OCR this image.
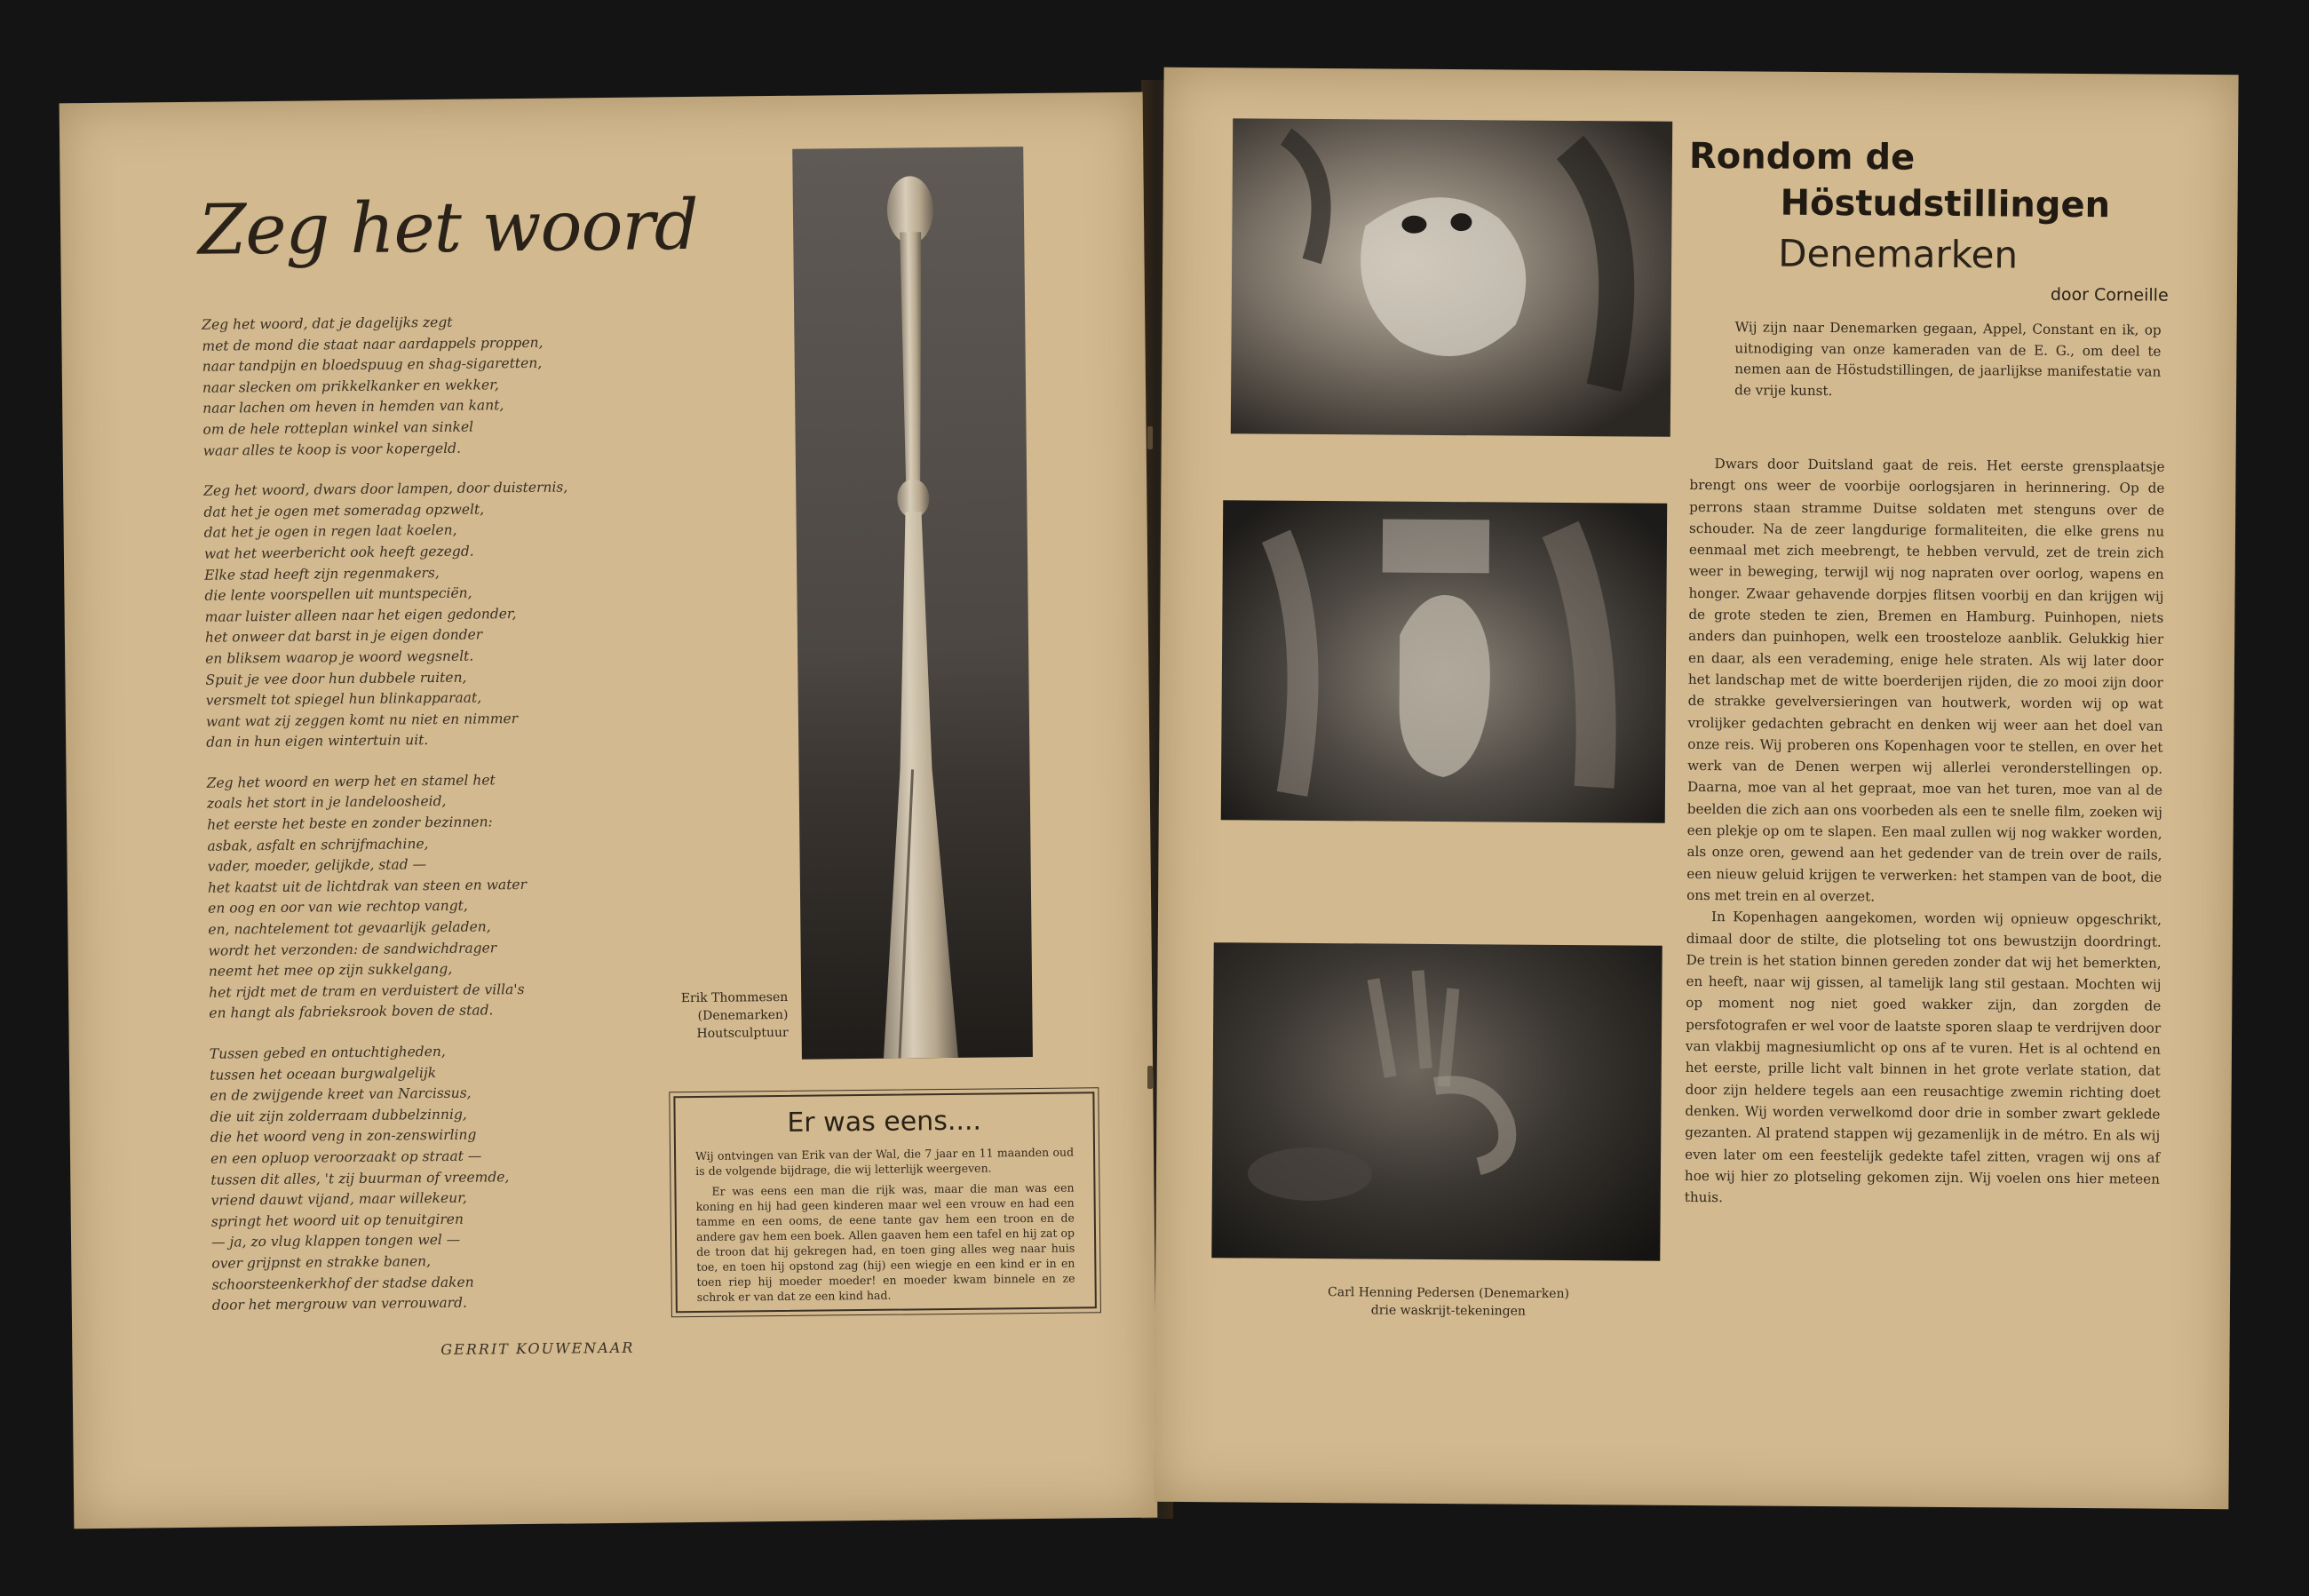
Zeg het woord
Zeg het woord, dat je dagelijks zegt
met de mond die staat naar aardappels proppen,
naar tandpijn en bloedspuug en shag-sigaretten,
naar slecken om prikkelkanker en wekker,
naar lachen om heven in hemden van kant,
om de hele rotteplan winkel van sinkel
waar alles te koop is voor kopergeld.
Zeg het woord, dwars door lampen, door duisternis,
dat het je ogen met someradag opzwelt,
dat het je ogen in regen laat koelen,
wat het weerbericht ook heeft gezegd.
Elke stad heeft zijn regenmakers,
die lente voorspellen uit muntspeciën,
maar luister alleen naar het eigen gedonder,
het onweer dat barst in je eigen donder
en bliksem waarop je woord wegsnelt.
Spuit je vee door hun dubbele ruiten,
versmelt tot spiegel hun blinkapparaat,
want wat zij zeggen komt nu niet en nimmer
dan in hun eigen wintertuin uit.
Zeg het woord en werp het en stamel het
zoals het stort in je landeloosheid,
het eerste het beste en zonder bezinnen:
asbak, asfalt en schrijfmachine,
vader, moeder, gelijkde, stad —
het kaatst uit de lichtdrak van steen en water
en oog en oor van wie rechtop vangt,
en, nachtelement tot gevaarlijk geladen,
wordt het verzonden: de sandwichdrager
neemt het mee op zijn sukkelgang,
het rijdt met de tram en verduistert de villa's
en hangt als fabrieksrook boven de stad.
Tussen gebed en ontuchtigheden,
tussen het oceaan burgwalgelijk
en de zwijgende kreet van Narcissus,
die uit zijn zolderraam dubbelzinnig,
die het woord veng in zon-zenswirling
en een opluop veroorzaakt op straat —
tussen dit alles, 't zij buurman of vreemde,
vriend dauwt vijand, maar willekeur,
springt het woord uit op tenuitgiren
— ja, zo vlug klappen tongen wel —
over grijpnst en strakke banen,
schoorsteenkerkhof der stadse daken
door het mergrouw van verrouward.
GERRIT KOUWENAAR
Erik Thommesen
(Denemarken)
Houtsculptuur
Er was eens....
Wij ontvingen van Erik van der Wal, die 7 jaar en 11 maanden oud is de volgende bijdrage, die wij letterlijk weergeven.
Er was eens een man die rijk was, maar die man was een koning en hij had geen kinderen maar wel een vrouw en had een tamme en een ooms, de eene tante gav hem een troon en de andere gav hem een boek. Allen gaaven hem een tafel en hij zat op de troon dat hij gekregen had, en toen ging alles weg naar huis toe, en toen hij opstond zag (hij) een wiegje en een kind er in en toen riep hij moeder moeder! en moeder kwam binnele en ze schrok er van dat ze een kind had.	Carl Henning Pedersen (Denemarken)
drie waskrijt-tekeningen
Rondom de
Höstudstillingen
Denemarken
door Corneille
Wij zijn naar Denemarken gegaan, Appel, Constant en ik, op uitnodiging van onze kameraden van de E. G., om deel te nemen aan de Höstudstillingen, de jaarlijkse manifestatie van de vrije kunst.

Dwars door Duitsland gaat de reis. Het eerste grensplaatsje brengt ons weer de voorbije oorlogsjaren in herinnering. Op de perrons staan stramme Duitse soldaten met stenguns over de schouder. Na de zeer langdurige formaliteiten, die elke grens nu eenmaal met zich meebrengt, te hebben vervuld, zet de trein zich weer in beweging, terwijl wij nog napraten over oorlog, wapens en honger. Zwaar gehavende dorpjes flitsen voorbij en dan krijgen wij de grote steden te zien, Bremen en Hamburg. Puinhopen, niets anders dan puinhopen, welk een troosteloze aanblik. Gelukkig hier en daar, als een verademing, enige hele straten. Als wij later door het landschap met de witte boerderijen rijden, die zo mooi zijn door de strakke gevelversieringen van houtwerk, worden wij op wat vrolijker gedachten gebracht en denken wij weer aan het doel van onze reis. Wij proberen ons Kopenhagen voor te stellen, en over het werk van de Denen werpen wij allerlei veronderstellingen op. Daarna, moe van al het gepraat, moe van het turen, moe van al de beelden die zich aan ons voorbeden als een te snelle film, zoeken wij een plekje op om te slapen. Een maal zullen wij nog wakker worden, als onze oren, gewend aan het gedender van de trein over de rails, een nieuw geluid krijgen te verwerken: het stampen van de boot, die ons met trein en al overzet.

In Kopenhagen aangekomen, worden wij opnieuw opgeschrikt, dimaal door de stilte, die plotseling tot ons bewustzijn doordringt. De trein is het station binnen gereden zonder dat wij het bemerkten, en heeft, naar wij gissen, al tamelijk lang stil gestaan. Mochten wij op moment nog niet goed wakker zijn, dan zorgden de persfotografen er wel voor de laatste sporen slaap te verdrijven door van vlakbij magnesiumlicht op ons af te vuren. Het is al ochtend en het eerste, prille licht valt binnen in het grote verlate station, dat door zijn heldere tegels aan een reusachtige zwemin richting doet denken. Wij worden verwelkomd door drie in somber zwart geklede gezanten. Al pratend stappen wij gezamenlijk in de métro. En als wij even later om een feestelijk gedekte tafel zitten, vragen wij ons af hoe wij hier zo plotseling gekomen zijn. Wij voelen ons hier meteen thuis.
